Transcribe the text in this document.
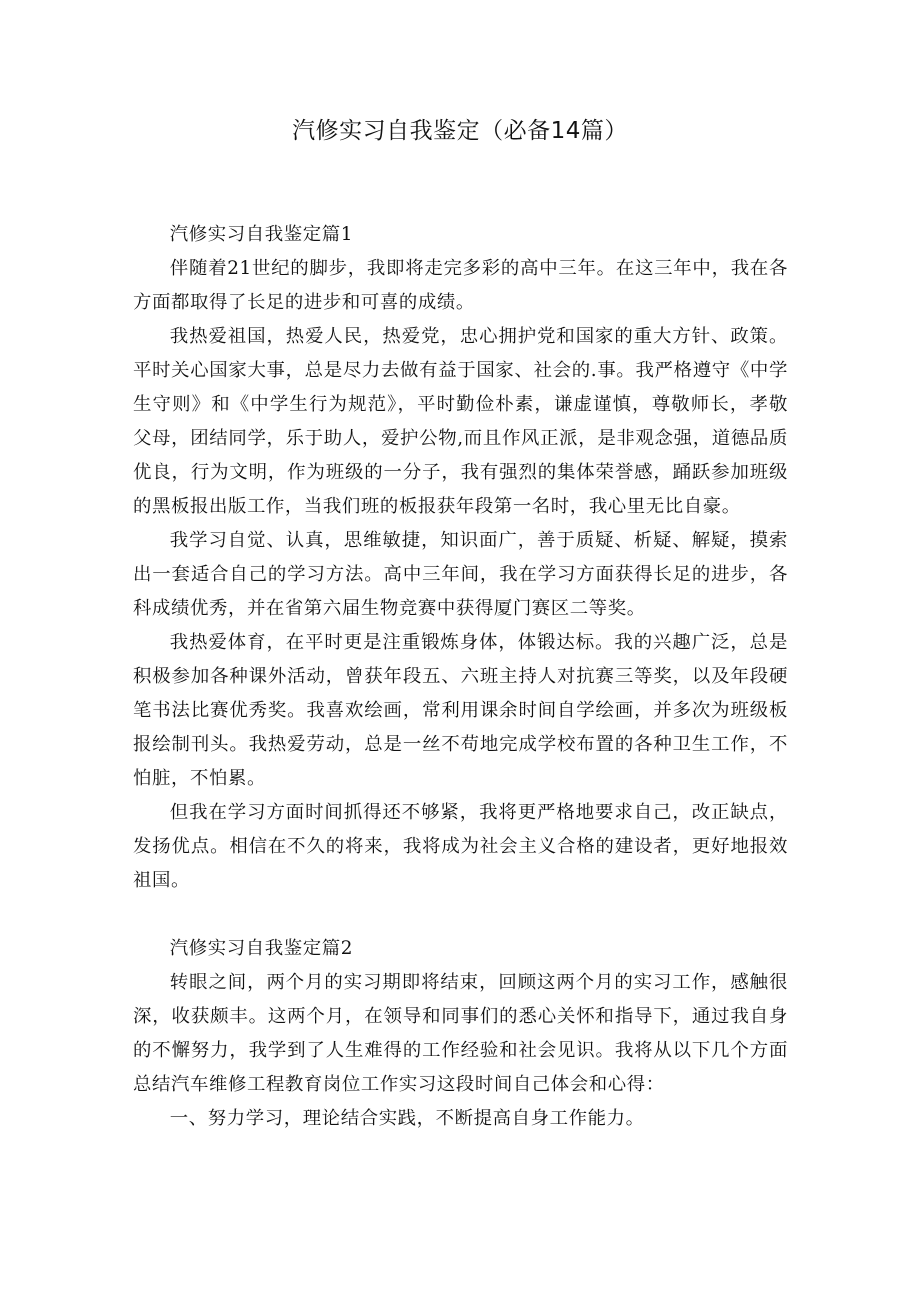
汽修实习自我鉴定（必备14篇）

汽修实习自我鉴定篇1

伴随着21世纪的脚步，我即将走完多彩的高中三年。在这三年中，我在各方面都取得了长足的进步和可喜的成绩。

我热爱祖国，热爱人民，热爱党，忠心拥护党和国家的重大方针、政策。平时关心国家大事，总是尽力去做有益于国家、社会的.事。我严格遵守《中学生守则》和《中学生行为规范》，平时勤俭朴素，谦虚谨慎，尊敬师长，孝敬父母，团结同学，乐于助人，爱护公物,而且作风正派，是非观念强，道德品质优良，行为文明，作为班级的一分子，我有强烈的集体荣誉感，踊跃参加班级的黑板报出版工作，当我们班的板报获年段第一名时，我心里无比自豪。

我学习自觉、认真，思维敏捷，知识面广，善于质疑、析疑、解疑，摸索出一套适合自己的学习方法。高中三年间，我在学习方面获得长足的进步，各科成绩优秀，并在省第六届生物竞赛中获得厦门赛区二等奖。

我热爱体育，在平时更是注重锻炼身体，体锻达标。我的兴趣广泛，总是积极参加各种课外活动，曾获年段五、六班主持人对抗赛三等奖，以及年段硬笔书法比赛优秀奖。我喜欢绘画，常利用课余时间自学绘画，并多次为班级板报绘制刊头。我热爱劳动，总是一丝不苟地完成学校布置的各种卫生工作，不怕脏，不怕累。

但我在学习方面时间抓得还不够紧，我将更严格地要求自己，改正缺点，发扬优点。相信在不久的将来，我将成为社会主义合格的建设者，更好地报效祖国。

汽修实习自我鉴定篇2

转眼之间，两个月的实习期即将结束，回顾这两个月的实习工作，感触很深，收获颇丰。这两个月，在领导和同事们的悉心关怀和指导下，通过我自身的不懈努力，我学到了人生难得的工作经验和社会见识。我将从以下几个方面总结汽车维修工程教育岗位工作实习这段时间自己体会和心得：

一、努力学习，理论结合实践，不断提高自身工作能力。
